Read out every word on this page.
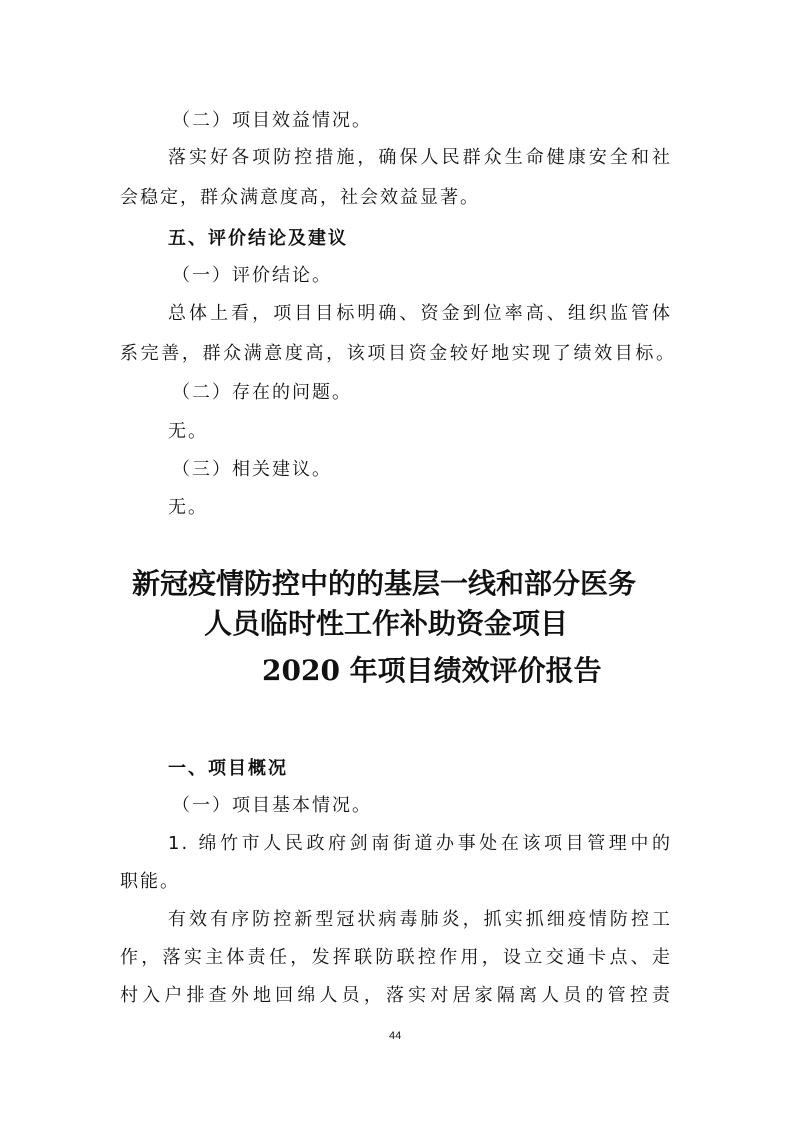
（二）项目效益情况。
落实好各项防控措施，确保人民群众生命健康安全和社
会稳定，群众满意度高，社会效益显著。
五、评价结论及建议
（一）评价结论。
总体上看，项目目标明确、资金到位率高、组织监管体
系完善，群众满意度高，该项目资金较好地实现了绩效目标。
（二）存在的问题。
无。
（三）相关建议。
无。
新冠疫情防控中的的基层一线和部分医务
人员临时性工作补助资金项目
2020 年项目绩效评价报告
一、项目概况
（一）项目基本情况。
1. 绵竹市人民政府剑南街道办事处在该项目管理中的
职能。
有效有序防控新型冠状病毒肺炎，抓实抓细疫情防控工
作，落实主体责任，发挥联防联控作用，设立交通卡点、走
村入户排查外地回绵人员，落实对居家隔离人员的管控责
44
